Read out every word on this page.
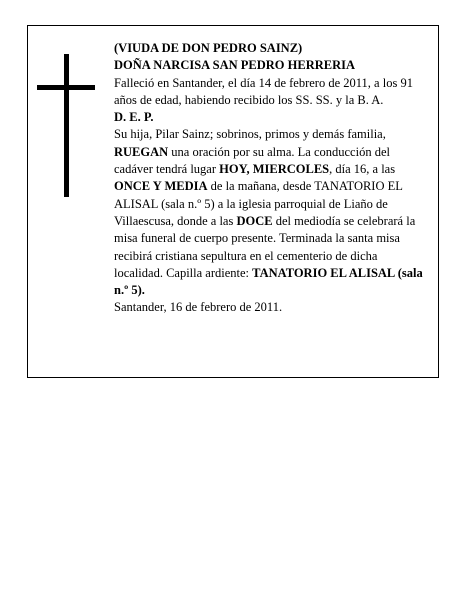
(VIUDA DE DON PEDRO SAINZ)

DOÑA NARCISA SAN PEDRO HERRERIA

Falleció en Santander, el día 14 de febrero de 2011, a los 91 años de edad, habiendo recibido los SS. SS. y la B. A.

D. E. P.

Su hija, Pilar Sainz; sobrinos, primos y demás familia, RUEGAN una oración por su alma. La conducción del cadáver tendrá lugar HOY, MIERCOLES, día 16, a las ONCE Y MEDIA de la mañana, desde TANATORIO EL ALISAL (sala n.º 5) a la iglesia parroquial de Liaño de Villaescusa, donde a las DOCE del mediodía se celebrará la misa funeral de cuerpo presente. Terminada la santa misa recibirá cristiana sepultura en el cementerio de dicha localidad. Capilla ardiente: TANATORIO EL ALISAL (sala n.º 5).

Santander, 16 de febrero de 2011.
